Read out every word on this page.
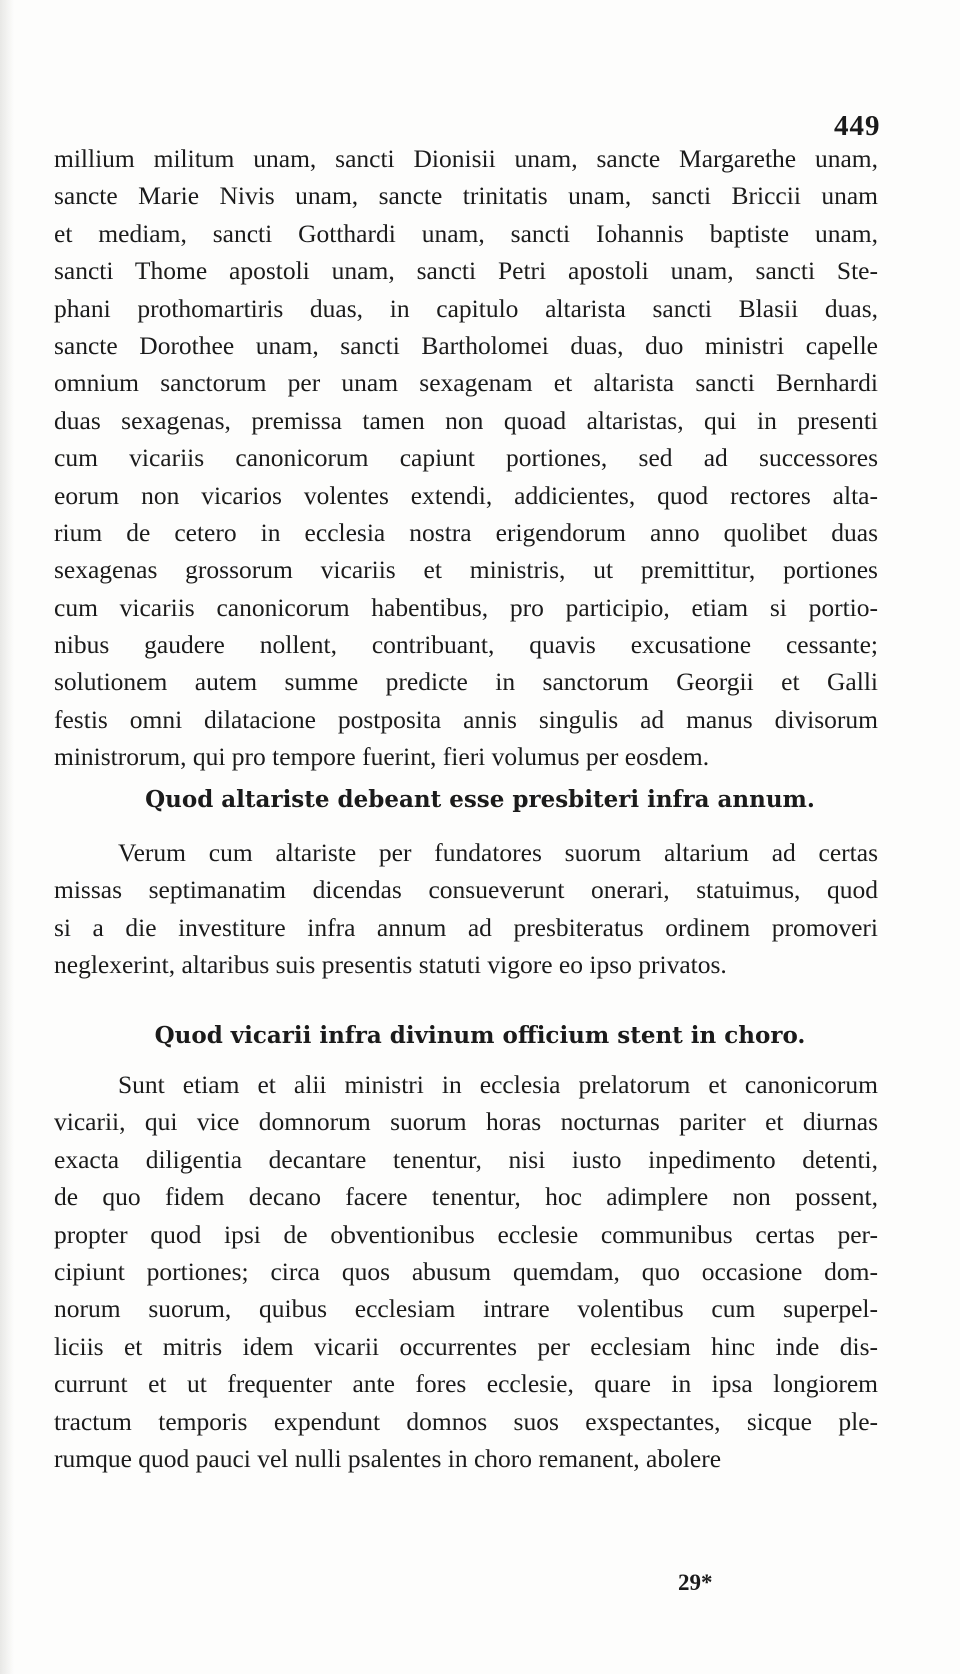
449
millium militum unam, sancti Dionisii unam, sancte Margarethe unam,
sancte Marie Nivis unam, sancte trinitatis unam, sancti Briccii unam
et mediam, sancti Gotthardi unam, sancti Iohannis baptiste unam,
sancti Thome apostoli unam, sancti Petri apostoli unam, sancti Ste-
phani prothomartiris duas, in capitulo altarista sancti Blasii duas,
sancte Dorothee unam, sancti Bartholomei duas, duo ministri capelle
omnium sanctorum per unam sexagenam et altarista sancti Bernhardi
duas sexagenas, premissa tamen non quoad altaristas, qui in presenti
cum vicariis canonicorum capiunt portiones, sed ad successores
eorum non vicarios volentes extendi, addicientes, quod rectores alta-
rium de cetero in ecclesia nostra erigendorum anno quolibet duas
sexagenas grossorum vicariis et ministris, ut premittitur, portiones
cum vicariis canonicorum habentibus, pro participio, etiam si portio-
nibus gaudere nollent, contribuant, quavis excusatione cessante;
solutionem autem summe predicte in sanctorum Georgii et Galli
festis omni dilatacione postposita annis singulis ad manus divisorum
ministrorum, qui pro tempore fuerint, fieri volumus per eosdem.
Quod altariste debeant esse presbiteri infra annum.
Verum cum altariste per fundatores suorum altarium ad certas
missas septimanatim dicendas consueverunt onerari, statuimus, quod
si a die investiture infra annum ad presbiteratus ordinem promoveri
neglexerint, altaribus suis presentis statuti vigore eo ipso privatos.
Quod vicarii infra divinum officium stent in choro.
Sunt etiam et alii ministri in ecclesia prelatorum et canonicorum
vicarii, qui vice domnorum suorum horas nocturnas pariter et diurnas
exacta diligentia decantare tenentur, nisi iusto inpedimento detenti,
de quo fidem decano facere tenentur, hoc adimplere non possent,
propter quod ipsi de obventionibus ecclesie communibus certas per-
cipiunt portiones; circa quos abusum quemdam, quo occasione dom-
norum suorum, quibus ecclesiam intrare volentibus cum superpel-
liciis et mitris idem vicarii occurrentes per ecclesiam hinc inde dis-
currunt et ut frequenter ante fores ecclesie, quare in ipsa longiorem
tractum temporis expendunt domnos suos exspectantes, sicque ple-
rumque quod pauci vel nulli psalentes in choro remanent, abolere
29*
